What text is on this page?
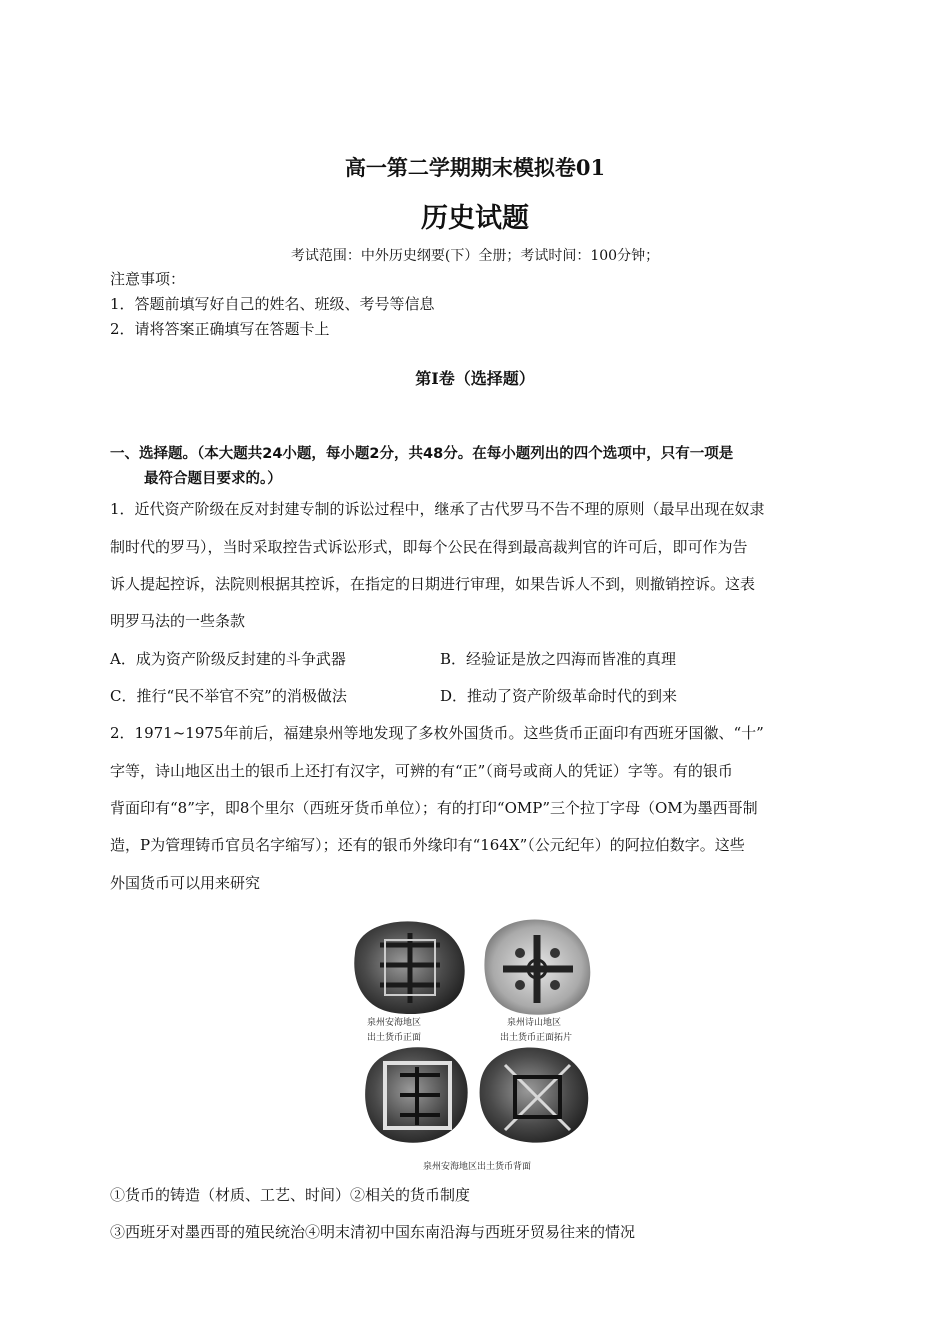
高一第二学期期末模拟卷01
历史试题
考试范围：中外历史纲要(下）全册；考试时间：100分钟；
注意事项：
1．答题前填写好自己的姓名、班级、考号等信息
2．请将答案正确填写在答题卡上
第I卷（选择题）
一、选择题。（本大题共24小题，每小题2分，共48分。在每小题列出的四个选项中，只有一项是
最符合题目要求的。）
1．近代资产阶级在反对封建专制的诉讼过程中，继承了古代罗马不告不理的原则（最早出现在奴隶
制时代的罗马），当时采取控告式诉讼形式，即每个公民在得到最高裁判官的许可后，即可作为告
诉人提起控诉，法院则根据其控诉，在指定的日期进行审理，如果告诉人不到，则撤销控诉。这表
明罗马法的一些条款
A．成为资产阶级反封建的斗争武器	B．经验证是放之四海而皆准的真理
C．推行“民不举官不究”的消极做法	D．推动了资产阶级革命时代的到来
2．1971~1975年前后，福建泉州等地发现了多枚外国货币。这些货币正面印有西班牙国徽、“十”
字等，诗山地区出土的银币上还打有汉字，可辨的有“正”（商号或商人的凭证）字等。有的银币
背面印有“8”字，即8个里尔（西班牙货币单位）；有的打印“OMP”三个拉丁字母（OM为墨西哥制
造，P为管理铸币官员名字缩写）；还有的银币外缘印有“164X”（公元纪年）的阿拉伯数字。这些
外国货币可以用来研究
泉州安海地区
出土货币正面
泉州诗山地区
出土货币正面拓片
泉州安海地区出土货币背面
①货币的铸造（材质、工艺、时间）②相关的货币制度
③西班牙对墨西哥的殖民统治④明末清初中国东南沿海与西班牙贸易往来的情况
